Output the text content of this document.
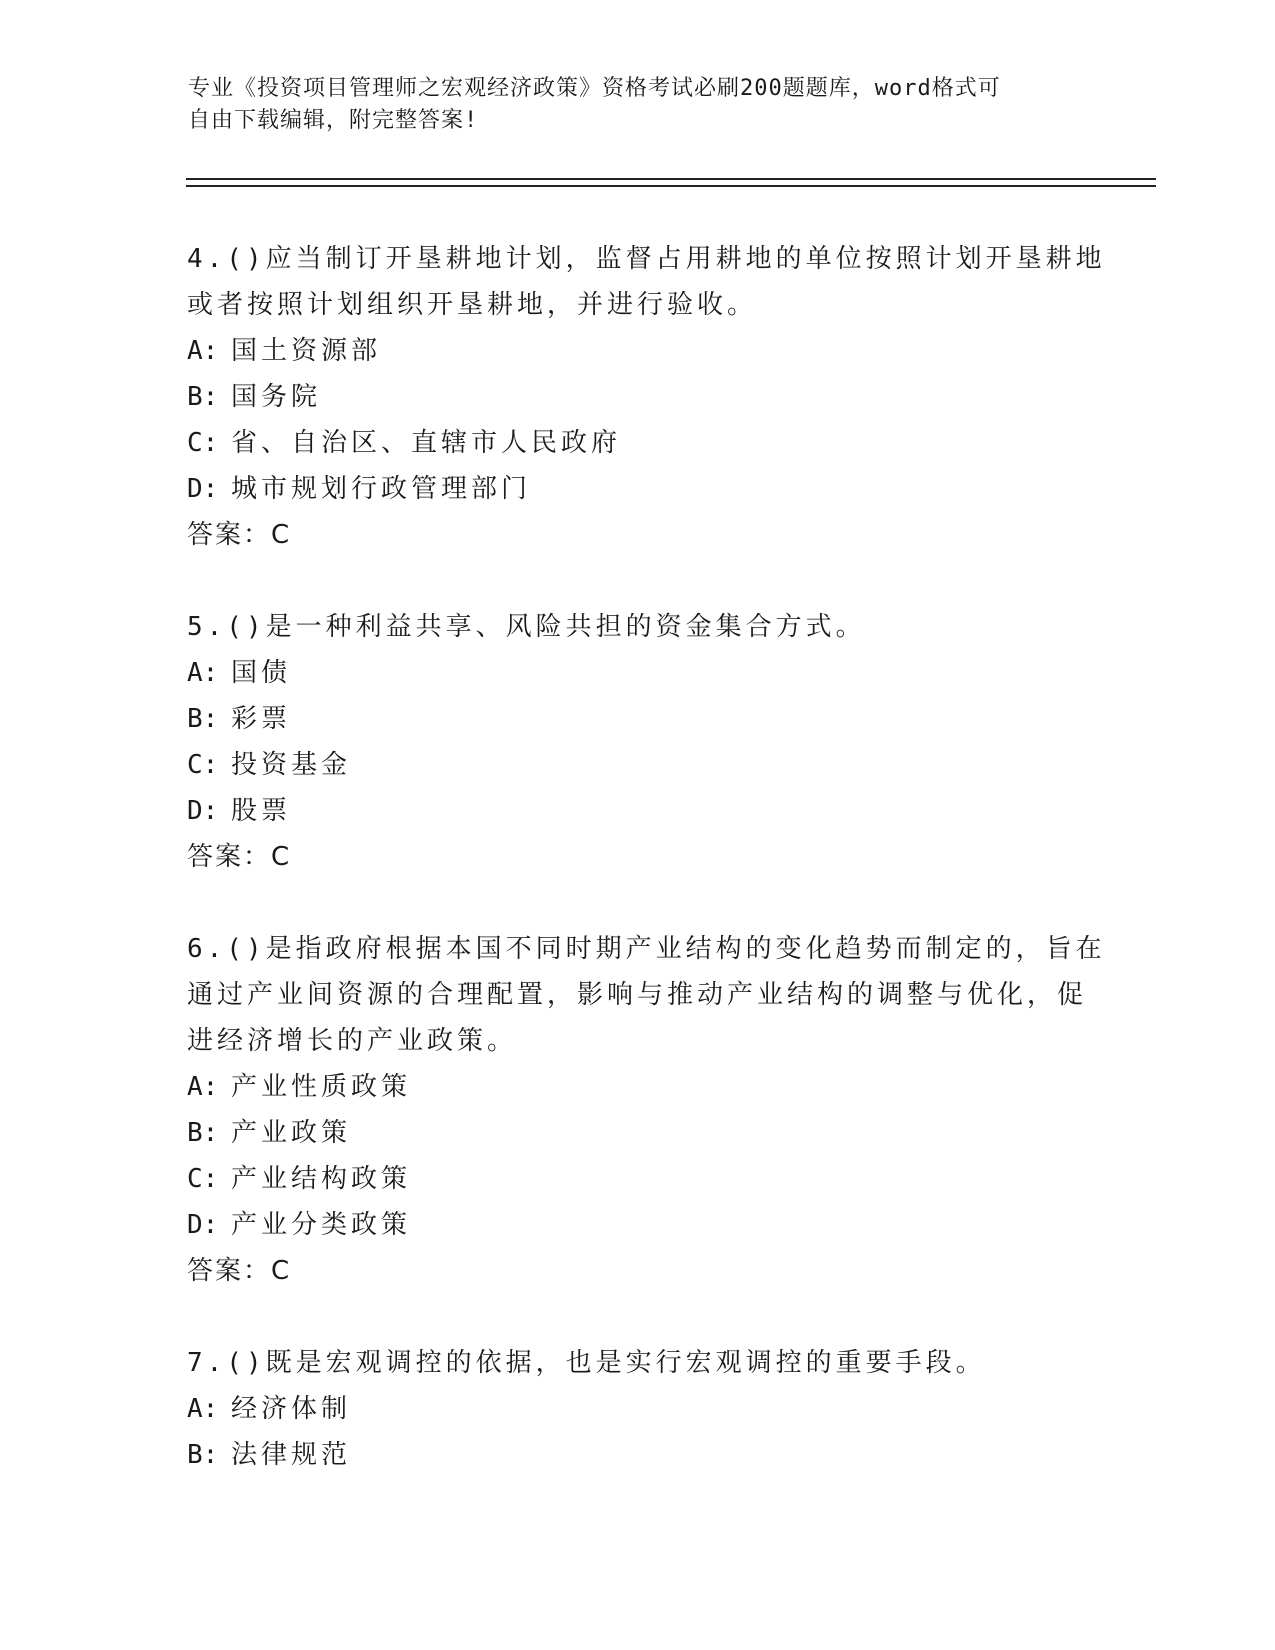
专业《投资项目管理师之宏观经济政策》资格考试必刷200题题库，word格式可
自由下载编辑，附完整答案!
4.()应当制订开垦耕地计划，监督占用耕地的单位按照计划开垦耕地
或者按照计划组织开垦耕地，并进行验收。
A: 国土资源部
B: 国务院
C: 省、自治区、直辖市人民政府
D: 城市规划行政管理部门
答案：C
5.()是一种利益共享、风险共担的资金集合方式。
A: 国债
B: 彩票
C: 投资基金
D: 股票
答案：C
6.()是指政府根据本国不同时期产业结构的变化趋势而制定的，旨在
通过产业间资源的合理配置，影响与推动产业结构的调整与优化，促
进经济增长的产业政策。
A: 产业性质政策
B: 产业政策
C: 产业结构政策
D: 产业分类政策
答案：C
7.()既是宏观调控的依据，也是实行宏观调控的重要手段。
A: 经济体制
B: 法律规范
